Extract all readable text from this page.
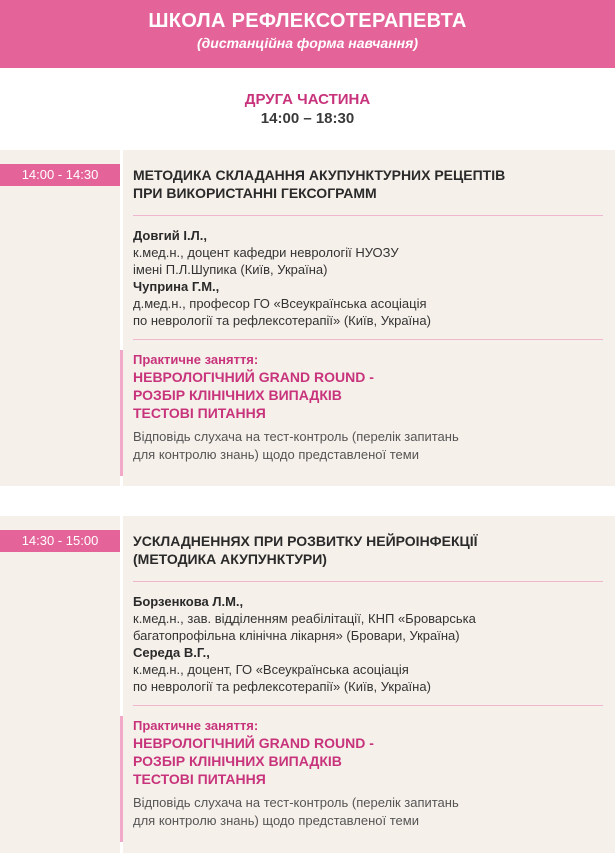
ШКОЛА РЕФЛЕКСОТЕРАПЕВТА
(дистанційна форма навчання)
ДРУГА ЧАСТИНА
14:00 – 18:30
14:00 - 14:30	МЕТОДИКА СКЛАДАННЯ АКУПУНКТУРНИХ РЕЦЕПТІВ
ПРИ ВИКОРИСТАННІ ГЕКСОГРАММ
Довгий І.Л.,
к.мед.н., доцент кафедри неврології НУОЗУ
імені П.Л.Шупика (Київ, Україна)
Чуприна Г.М.,
д.мед.н., професор ГО «Всеукраїнська асоціація
по неврології та рефлексотерапії» (Київ, Україна)
Практичне заняття:
НЕВРОЛОГІЧНИЙ GRAND ROUND -
РОЗБІР КЛІНІЧНИХ ВИПАДКІВ
ТЕСТОВІ ПИТАННЯ
Відповідь слухача на тест-контроль (перелік запитань
для контролю знань) щодо представленої теми
14:30 - 15:00	УСКЛАДНЕННЯХ ПРИ РОЗВИТКУ НЕЙРОІНФЕКЦІЇ
(МЕТОДИКА АКУПУНКТУРИ)
Борзенкова Л.М.,
к.мед.н., зав. відділенням реабілітації, КНП «Броварська
багатопрофільна клінічна лікарня» (Бровари, Україна)
Середа В.Г.,
к.мед.н., доцент, ГО «Всеукраїнська асоціація
по неврології та рефлексотерапії» (Київ, Україна)
Практичне заняття:
НЕВРОЛОГІЧНИЙ GRAND ROUND -
РОЗБІР КЛІНІЧНИХ ВИПАДКІВ
ТЕСТОВІ ПИТАННЯ
Відповідь слухача на тест-контроль (перелік запитань
для контролю знань) щодо представленої теми
